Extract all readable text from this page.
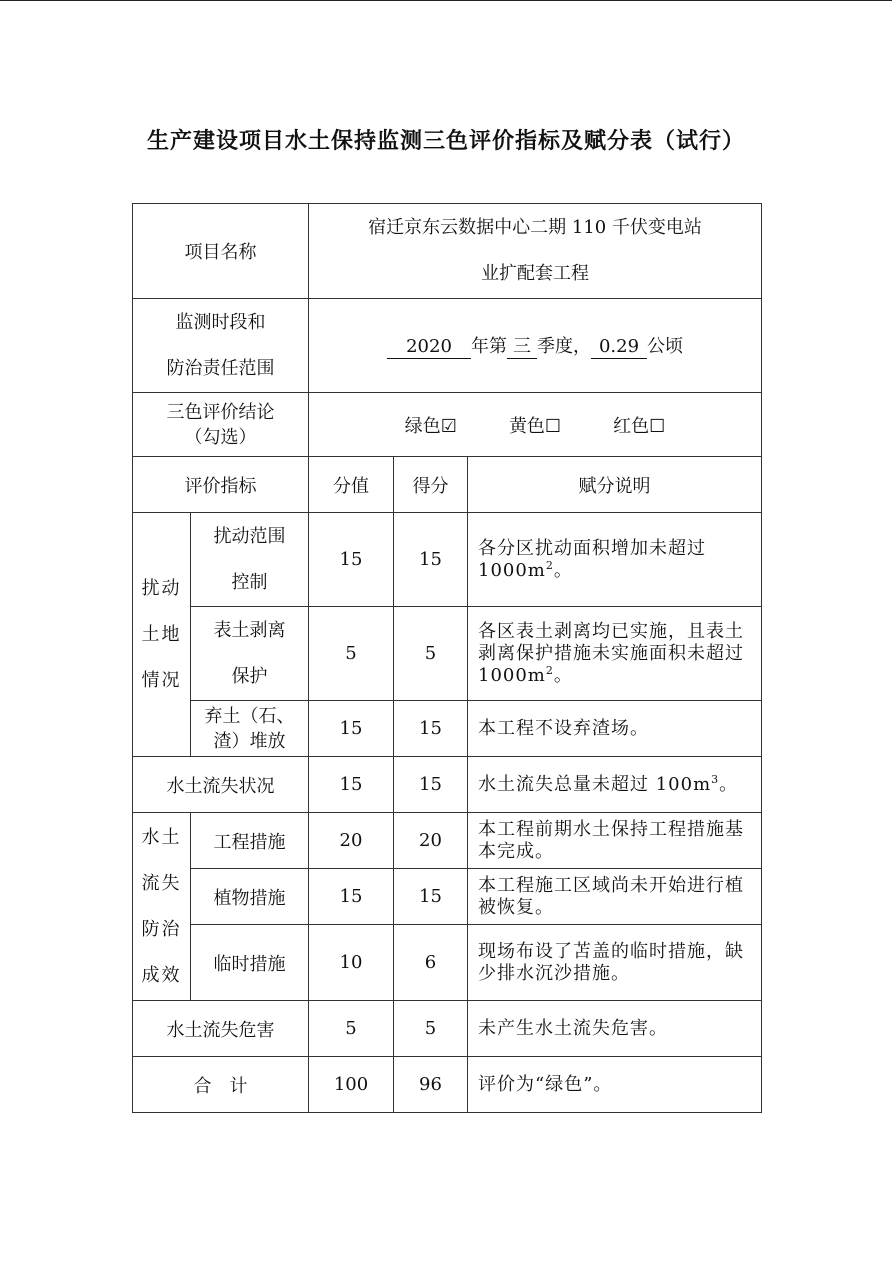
生产建设项目水土保持监测三色评价指标及赋分表（试行）
项目名称		宿迁京东云数据中心二期 110 千伏变电站
业扩配套工程		
监测时段和
防治责任范围		2020 年第 三 季度， 0.29 公顷		
三色评价结论
（勾选）		绿色☑ 黄色☐ 红色☐		
评价指标		分值	得分	赋分说明
扰动
土地
情况	扰动范围
控制	15	15	各分区扰动面积增加未超过 $1000m^2$。
	表土剥离
保护	5	5	各区表土剥离均已实施，且表土剥离保护措施未实施面积未超过 $1000m^2$。
	弃土（石、
渣）堆放	15	15	本工程不设弃渣场。
水土流失状况		15	15	水土流失总量未超过 $100m^3$。
水土
流失
防治
成效	工程措施	20	20	本工程前期水土保持工程措施基本完成。
	植物措施	15	15	本工程施工区域尚未开始进行植被恢复。
	临时措施	10	6	现场布设了苫盖的临时措施，缺少排水沉沙措施。
水土流失危害		5	5	未产生水土流失危害。
合　计		100	96	评价为“绿色”。
